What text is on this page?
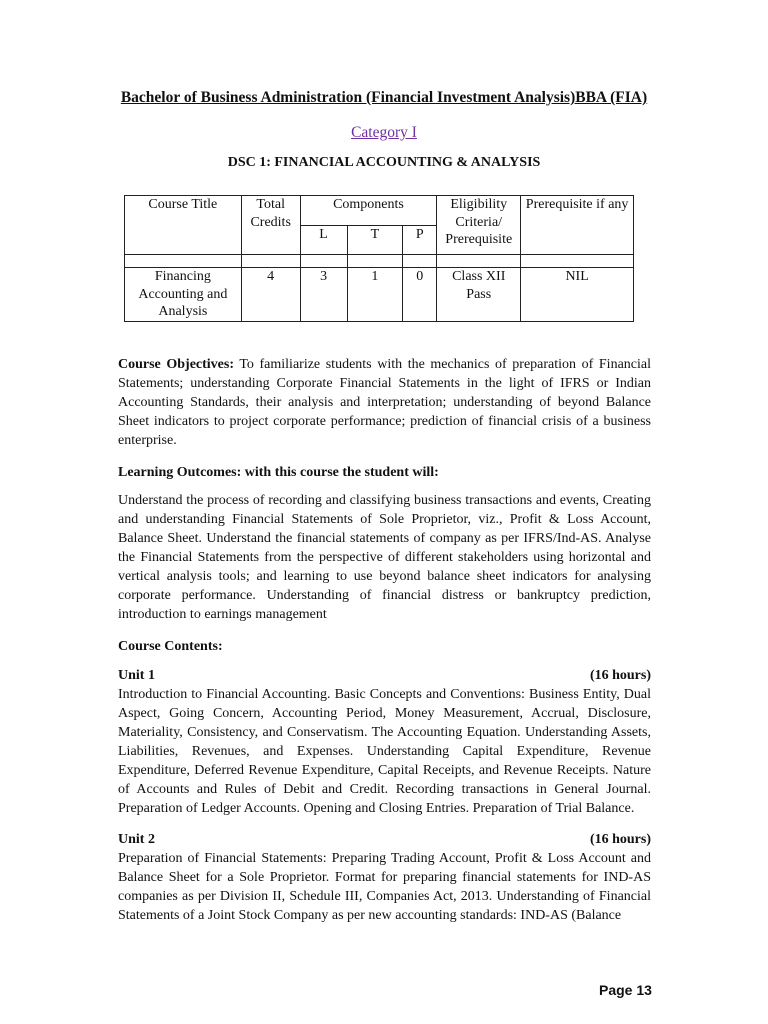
Bachelor of Business Administration (Financial Investment Analysis)BBA (FIA)
Category I
DSC 1: FINANCIAL ACCOUNTING & ANALYSIS
Course Title	Total Credits	Components			Eligibility Criteria/ Prerequisite	Prerequisite if any
		L	T	P		

Financing Accounting and Analysis	4	3	1	0	Class XII Pass	NIL
Course Objectives: To familiarize students with the mechanics of preparation of Financial Statements; understanding Corporate Financial Statements in the light of IFRS or Indian Accounting Standards, their analysis and interpretation; understanding of beyond Balance Sheet indicators to project corporate performance; prediction of financial crisis of a business enterprise.
Learning Outcomes: with this course the student will:
Understand the process of recording and classifying business transactions and events, Creating and understanding Financial Statements of Sole Proprietor, viz., Profit & Loss Account, Balance Sheet. Understand the financial statements of company as per IFRS/Ind-AS. Analyse the Financial Statements from the perspective of different stakeholders using horizontal and vertical analysis tools; and learning to use beyond balance sheet indicators for analysing corporate performance. Understanding of financial distress or bankruptcy prediction, introduction to earnings management
Course Contents:
Unit 1	(16 hours)
Introduction to Financial Accounting. Basic Concepts and Conventions: Business Entity, Dual Aspect, Going Concern, Accounting Period, Money Measurement, Accrual, Disclosure, Materiality, Consistency, and Conservatism. The Accounting Equation. Understanding Assets, Liabilities, Revenues, and Expenses. Understanding Capital Expenditure, Revenue Expenditure, Deferred Revenue Expenditure, Capital Receipts, and Revenue Receipts. Nature of Accounts and Rules of Debit and Credit. Recording transactions in General Journal. Preparation of Ledger Accounts. Opening and Closing Entries. Preparation of Trial Balance.
Unit 2	(16 hours)
Preparation of Financial Statements: Preparing Trading Account, Profit & Loss Account and Balance Sheet for a Sole Proprietor. Format for preparing financial statements for IND-AS companies as per Division II, Schedule III, Companies Act, 2013. Understanding of Financial Statements of a Joint Stock Company as per new accounting standards: IND-AS (Balance
Page 13
